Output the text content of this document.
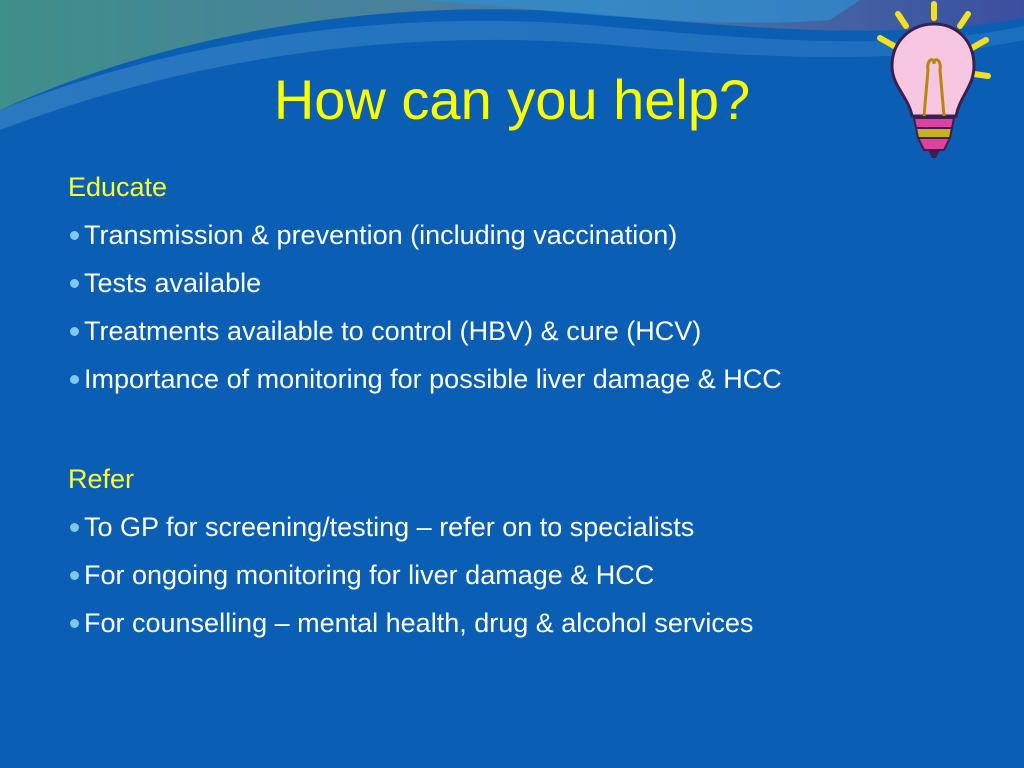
How can you help?

Educate

Transmission & prevention (including vaccination)
Tests available
Treatments available to control (HBV) & cure (HCV)
Importance of monitoring for possible liver damage & HCC

Refer

To GP for screening/testing – refer on to specialists
For ongoing monitoring for liver damage & HCC
For counselling – mental health, drug & alcohol services
